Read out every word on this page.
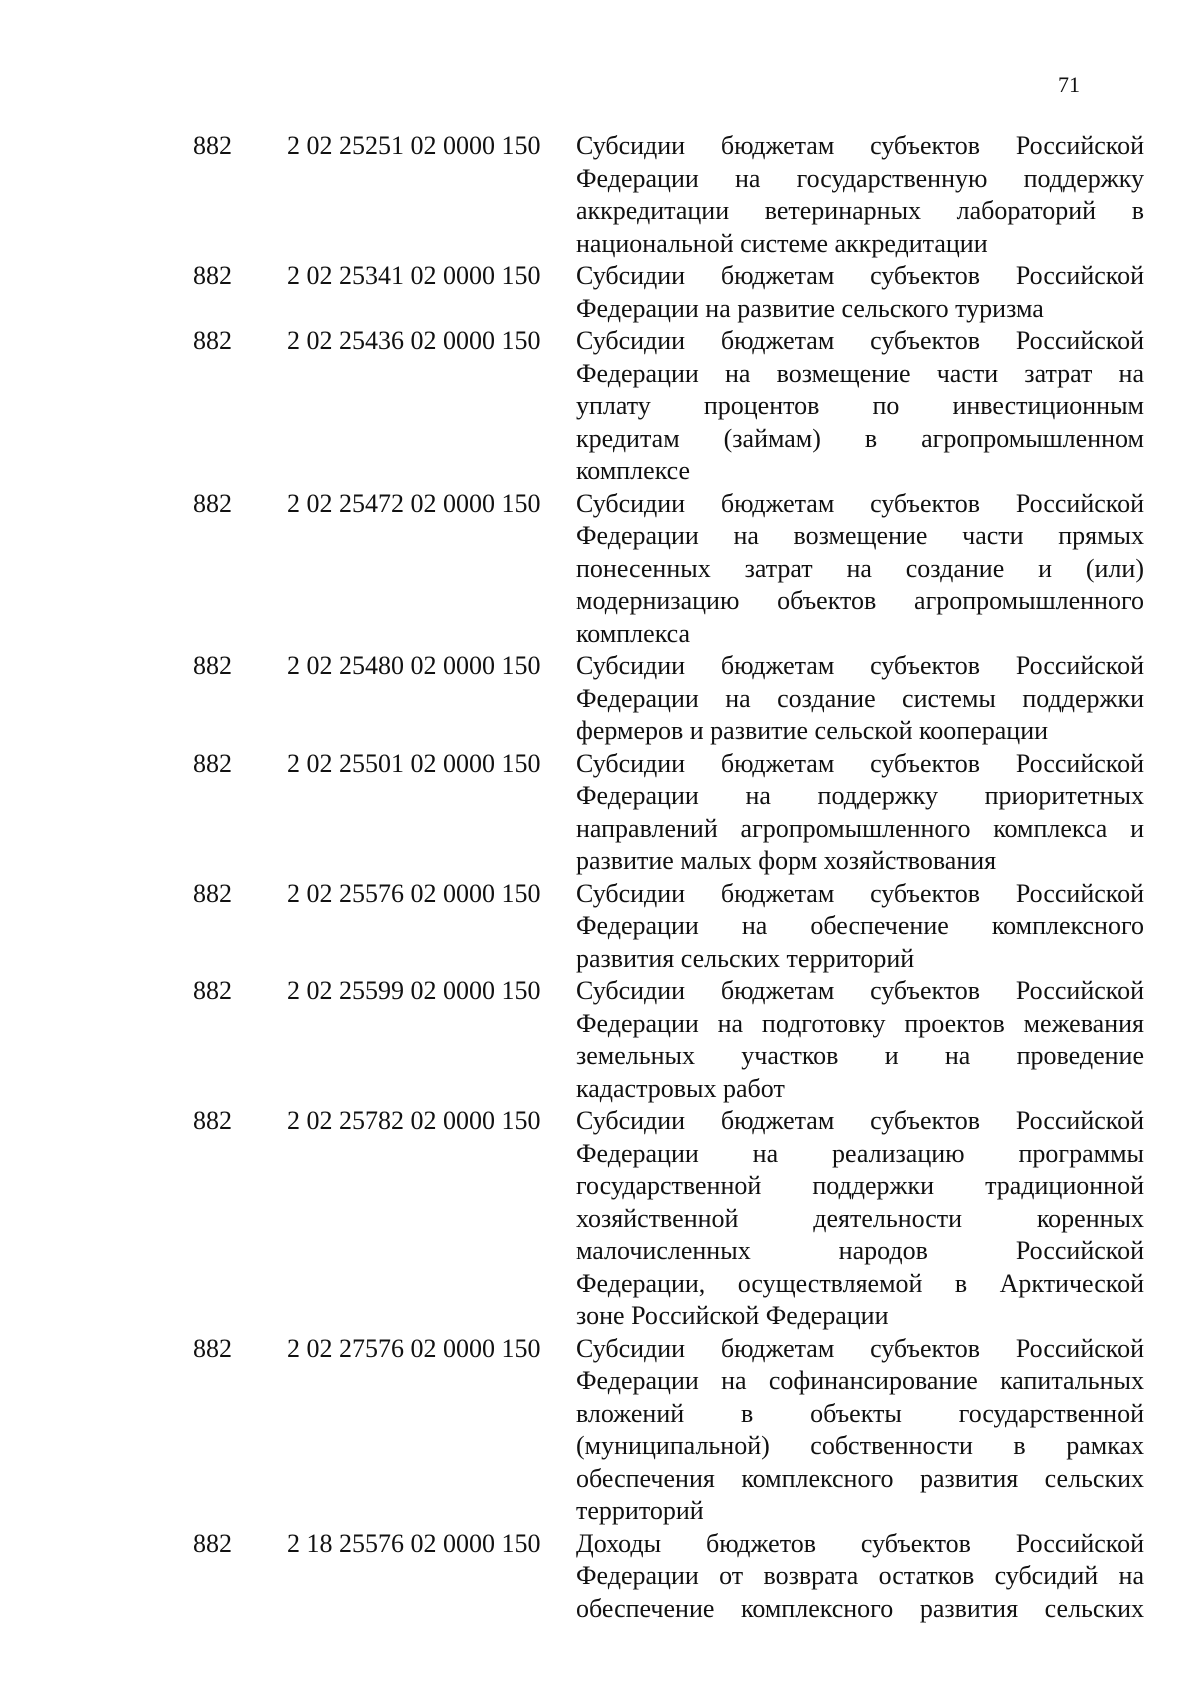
71
882 2 02 25251 02 0000 150 Субсидии бюджетам субъектов Российской
Федерации на государственную поддержку
аккредитации ветеринарных лабораторий в
национальной системе аккредитации
882 2 02 25341 02 0000 150 Субсидии бюджетам субъектов Российской
Федерации на развитие сельского туризма
882 2 02 25436 02 0000 150 Субсидии бюджетам субъектов Российской
Федерации на возмещение части затрат на
уплату процентов по инвестиционным
кредитам (займам) в агропромышленном
комплексе
882 2 02 25472 02 0000 150 Субсидии бюджетам субъектов Российской
Федерации на возмещение части прямых
понесенных затрат на создание и (или)
модернизацию объектов агропромышленного
комплекса
882 2 02 25480 02 0000 150 Субсидии бюджетам субъектов Российской
Федерации на создание системы поддержки
фермеров и развитие сельской кооперации
882 2 02 25501 02 0000 150 Субсидии бюджетам субъектов Российской
Федерации на поддержку приоритетных
направлений агропромышленного комплекса и
развитие малых форм хозяйствования
882 2 02 25576 02 0000 150 Субсидии бюджетам субъектов Российской
Федерации на обеспечение комплексного
развития сельских территорий
882 2 02 25599 02 0000 150 Субсидии бюджетам субъектов Российской
Федерации на подготовку проектов межевания
земельных участков и на проведение
кадастровых работ
882 2 02 25782 02 0000 150 Субсидии бюджетам субъектов Российской
Федерации на реализацию программы
государственной поддержки традиционной
хозяйственной деятельности коренных
малочисленных народов Российской
Федерации, осуществляемой в Арктической
зоне Российской Федерации
882 2 02 27576 02 0000 150 Субсидии бюджетам субъектов Российской
Федерации на софинансирование капитальных
вложений в объекты государственной
(муниципальной) собственности в рамках
обеспечения комплексного развития сельских
территорий
882 2 18 25576 02 0000 150 Доходы бюджетов субъектов Российской
Федерации от возврата остатков субсидий на
обеспечение комплексного развития сельских
